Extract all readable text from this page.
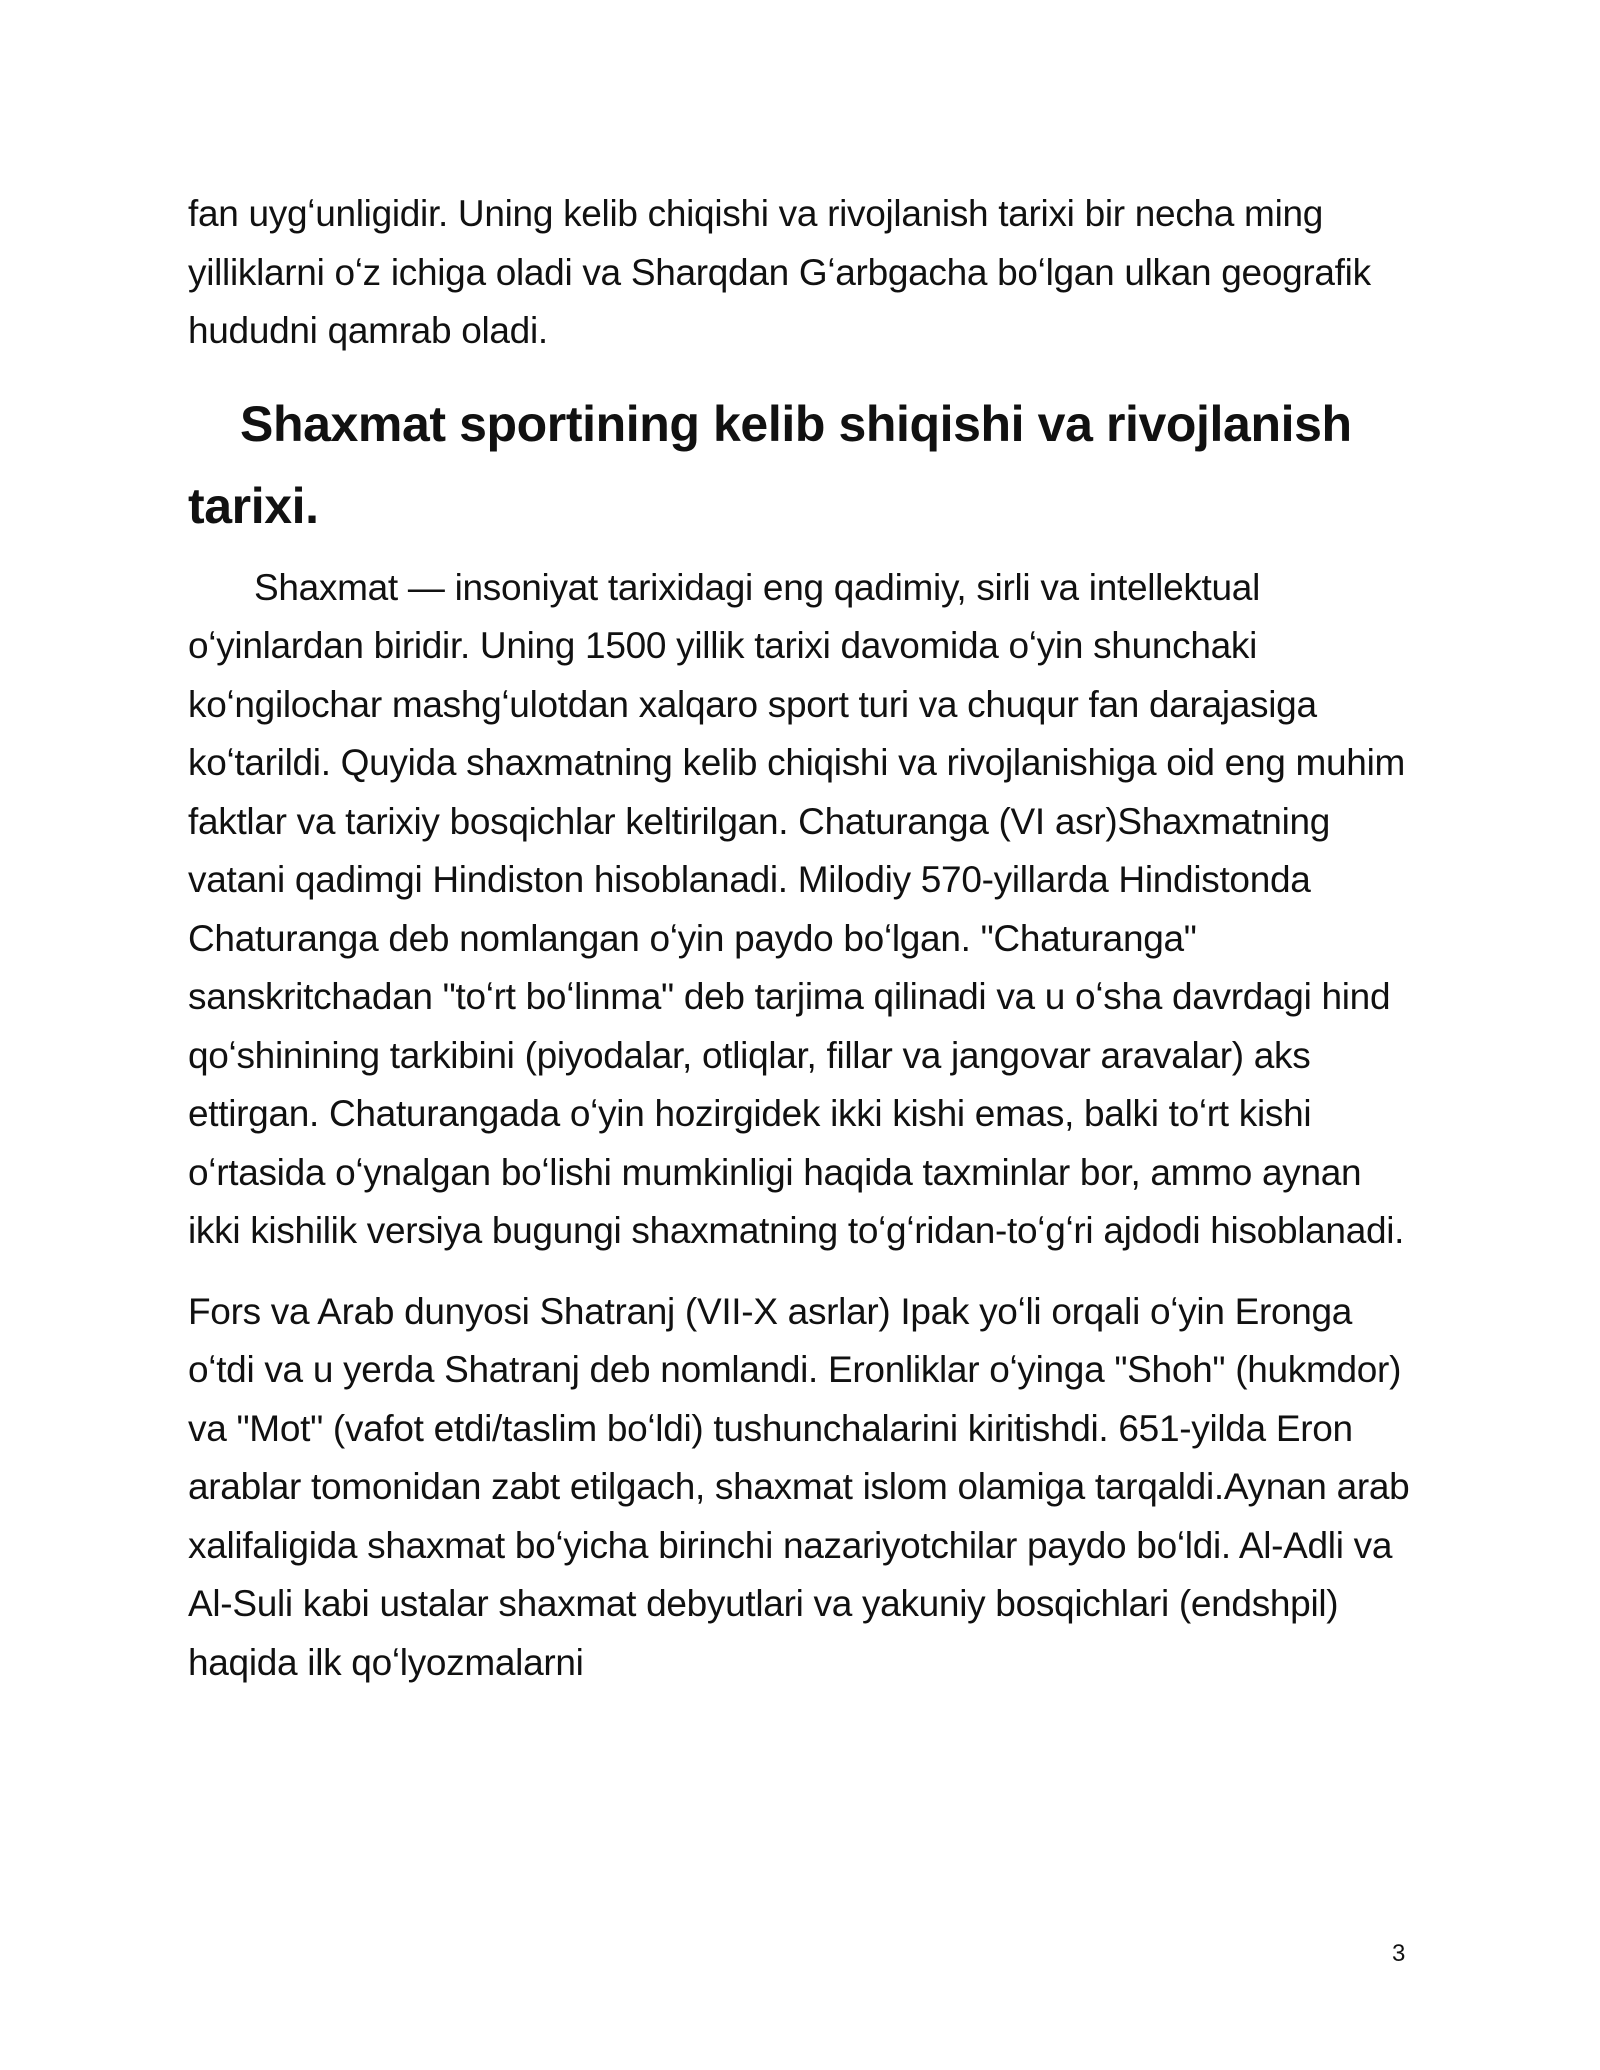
fan uygʻunligidir. Uning kelib chiqishi va rivojlanish tarixi bir necha ming yilliklarni oʻz ichiga oladi va Sharqdan Gʻarbgacha boʻlgan ulkan geografik hududni qamrab oladi.

Shaxmat sportining kelib shiqishi va rivojlanish tarixi.

Shaxmat — insoniyat tarixidagi eng qadimiy, sirli va intellektual oʻyinlardan biridir. Uning 1500 yillik tarixi davomida oʻyin shunchaki koʻngilochar mashgʻulotdan xalqaro sport turi va chuqur fan darajasiga koʻtarildi. Quyida shaxmatning kelib chiqishi va rivojlanishiga oid eng muhim faktlar va tarixiy bosqichlar keltirilgan. Chaturanga (VI asr)Shaxmatning vatani qadimgi Hindiston hisoblanadi. Milodiy 570-yillarda Hindistonda Chaturanga deb nomlangan oʻyin paydo boʻlgan. "Chaturanga" sanskritchadan "toʻrt boʻlinma" deb tarjima qilinadi va u oʻsha davrdagi hind qoʻshinining tarkibini (piyodalar, otliqlar, fillar va jangovar aravalar) aks ettirgan. Chaturangada oʻyin hozirgidek ikki kishi emas, balki toʻrt kishi oʻrtasida oʻynalgan boʻlishi mumkinligi haqida taxminlar bor, ammo aynan ikki kishilik versiya bugungi shaxmatning toʻgʻridan-toʻgʻri ajdodi hisoblanadi.

Fors va Arab dunyosi Shatranj (VII-X asrlar) Ipak yoʻli orqali oʻyin Eronga oʻtdi va u yerda Shatranj deb nomlandi. Eronliklar oʻyinga "Shoh" (hukmdor) va "Mot" (vafot etdi/taslim boʻldi) tushunchalarini kiritishdi. 651-yilda Eron arablar tomonidan zabt etilgach, shaxmat islom olamiga tarqaldi.Aynan arab xalifaligida shaxmat boʻyicha birinchi nazariyotchilar paydo boʻldi. Al-Adli va Al-Suli kabi ustalar shaxmat debyutlari va yakuniy bosqichlari (endshpil) haqida ilk qoʻlyozmalarni

3
